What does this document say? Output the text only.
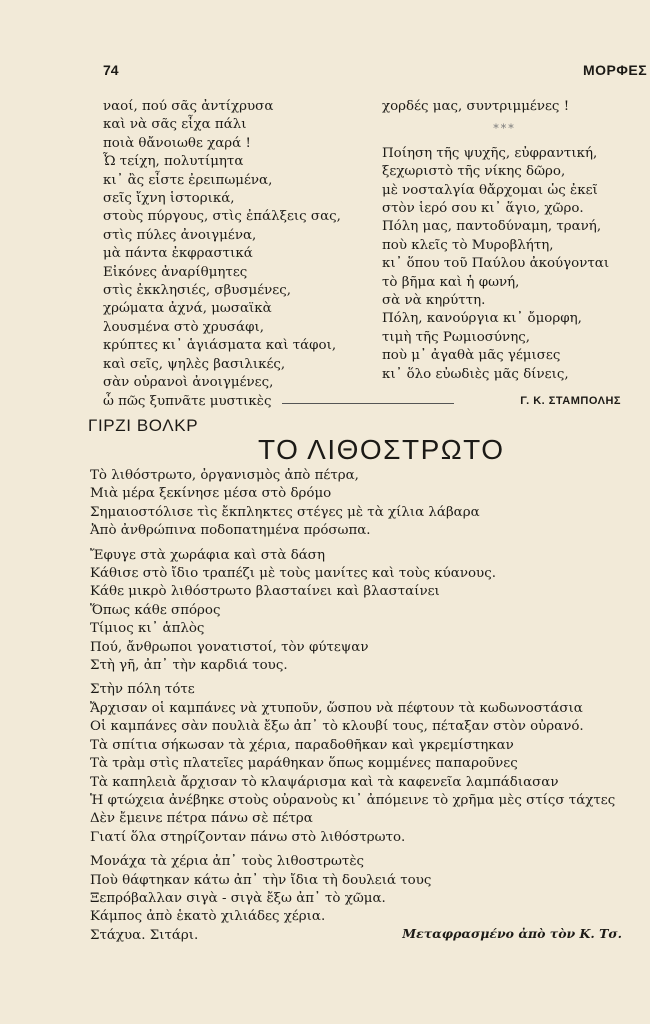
74	ΜΟΡΦΕΣ
ναοί, πού σᾶς ἀντίχρυσα
καὶ νὰ σᾶς εἶχα πάλι
ποιὰ θἄνοιωθε χαρά !
Ὦ τείχη, πολυτίμητα
κι᾽ ἂς εἶστε ἐρειπωμένα,
σεῖς ἴχνη ἱστορικά,
στοὺς πύργους, στὶς ἐπάλξεις σας,
στὶς πύλες ἀνοιγμένα,
μὰ πάντα ἐκφραστικά
Εἰκόνες ἀναρίθμητες
στὶς ἐκκλησιές, σβυσμένες,
χρώματα ἀχνά, μωσαϊκὰ
λουσμένα στὸ χρυσάφι,
κρύπτες κι᾽ ἁγιάσματα καὶ τάφοι,
καὶ σεῖς, ψηλὲς βασιλικές,
σὰν οὐρανοὶ ἀνοιγμένες,
ὦ πῶς ξυπνᾶτε μυστικὲς
χορδές μας, συντριμμένες !
***
Ποίηση τῆς ψυχῆς, εὐφραντική,
ξεχωριστὸ τῆς νίκης δῶρο,
μὲ νοσταλγία θἄρχομαι ὡς ἐκεῖ
στὸν ἱερό σου κι᾽ ἅγιο, χῶρο.
Πόλη μας, παντοδύναμη, τρανή,
ποὺ κλεῖς τὸ Μυροβλήτη,
κι᾽ ὅπου τοῦ Παύλου ἀκούγονται
τὸ βῆμα καὶ ἡ φωνή,
σὰ νὰ κηρύττη.
Πόλη, κανούργια κι᾽ ὄμορφη,
τιμὴ τῆς Ρωμιοσύνης,
ποὺ μ᾽ ἀγαθὰ μᾶς γέμισες
κι᾽ ὅλο εὐωδιὲς μᾶς δίνεις,
Γ. Κ. ΣΤΑΜΠΟΛΗΣ
ΓΙΡΖΙ ΒΟΛΚΡ
ΤΟ ΛΙΘΟΣΤΡΩΤΟ
Τὸ λιθόστρωτο, ὀργανισμὸς ἀπὸ πέτρα,
Μιὰ μέρα ξεκίνησε μέσα στὸ δρόμο
Σημαιοστόλισε τὶς ἔκπληκτες στέγες μὲ τὰ χίλια λάβαρα
Ἀπὸ ἀνθρώπινα ποδοπατημένα πρόσωπα.
Ἔφυγε στὰ χωράφια καὶ στὰ δάση
Κάθισε στὸ ἴδιο τραπέζι μὲ τοὺς μανίτες καὶ τοὺς κύανους.
Κάθε μικρὸ λιθόστρωτο βλασταίνει καὶ βλασταίνει
Ὅπως κάθε σπόρος
Τίμιος κι᾽ ἁπλὸς
Πού, ἄνθρωποι γονατιστοί, τὸν φύτεψαν
Στὴ γῆ, ἀπ᾽ τὴν καρδιά τους.
Στὴν πόλη τότε
Ἄρχισαν οἱ καμπάνες νὰ χτυποῦν, ὥσπου νὰ πέφτουν τὰ κωδωνοστάσια
Οἱ καμπάνες σὰν πουλιὰ ἔξω ἀπ᾽ τὸ κλουβί τους, πέταξαν στὸν οὐρανό.
Τὰ σπίτια σήκωσαν τὰ χέρια, παραδοθῆκαν καὶ γκρεμίστηκαν
Τὰ τρὰμ στὶς πλατεῖες μαράθηκαν ὅπως κομμένες παπαροῦνες
Τὰ καπηλειὰ ἄρχισαν τὸ κλαψάρισμα καὶ τὰ καφενεῖα λαμπάδιασαν
Ἡ φτώχεια ἀνέβηκε στοὺς οὐρανοὺς κι᾽ ἀπόμεινε τὸ χρῆμα μὲς στίςσ τάχτες
Δὲν ἔμεινε πέτρα πάνω σὲ πέτρα
Γιατί ὅλα στηρίζονταν πάνω στὸ λιθόστρωτο.
Μονάχα τὰ χέρια ἀπ᾽ τοὺς λιθοστρωτὲς
Ποὺ θάφτηκαν κάτω ἀπ᾽ τὴν ἴδια τὴ δουλειά τους
Ξεπρόβαλλαν σιγὰ - σιγὰ ἔξω ἀπ᾽ τὸ χῶμα.
Κάμπος ἀπὸ ἑκατὸ χιλιάδες χέρια.
Στάχυα. Σιτάρι.	Μεταφρασμένο ἀπὸ τὸν Κ. Τσ.
